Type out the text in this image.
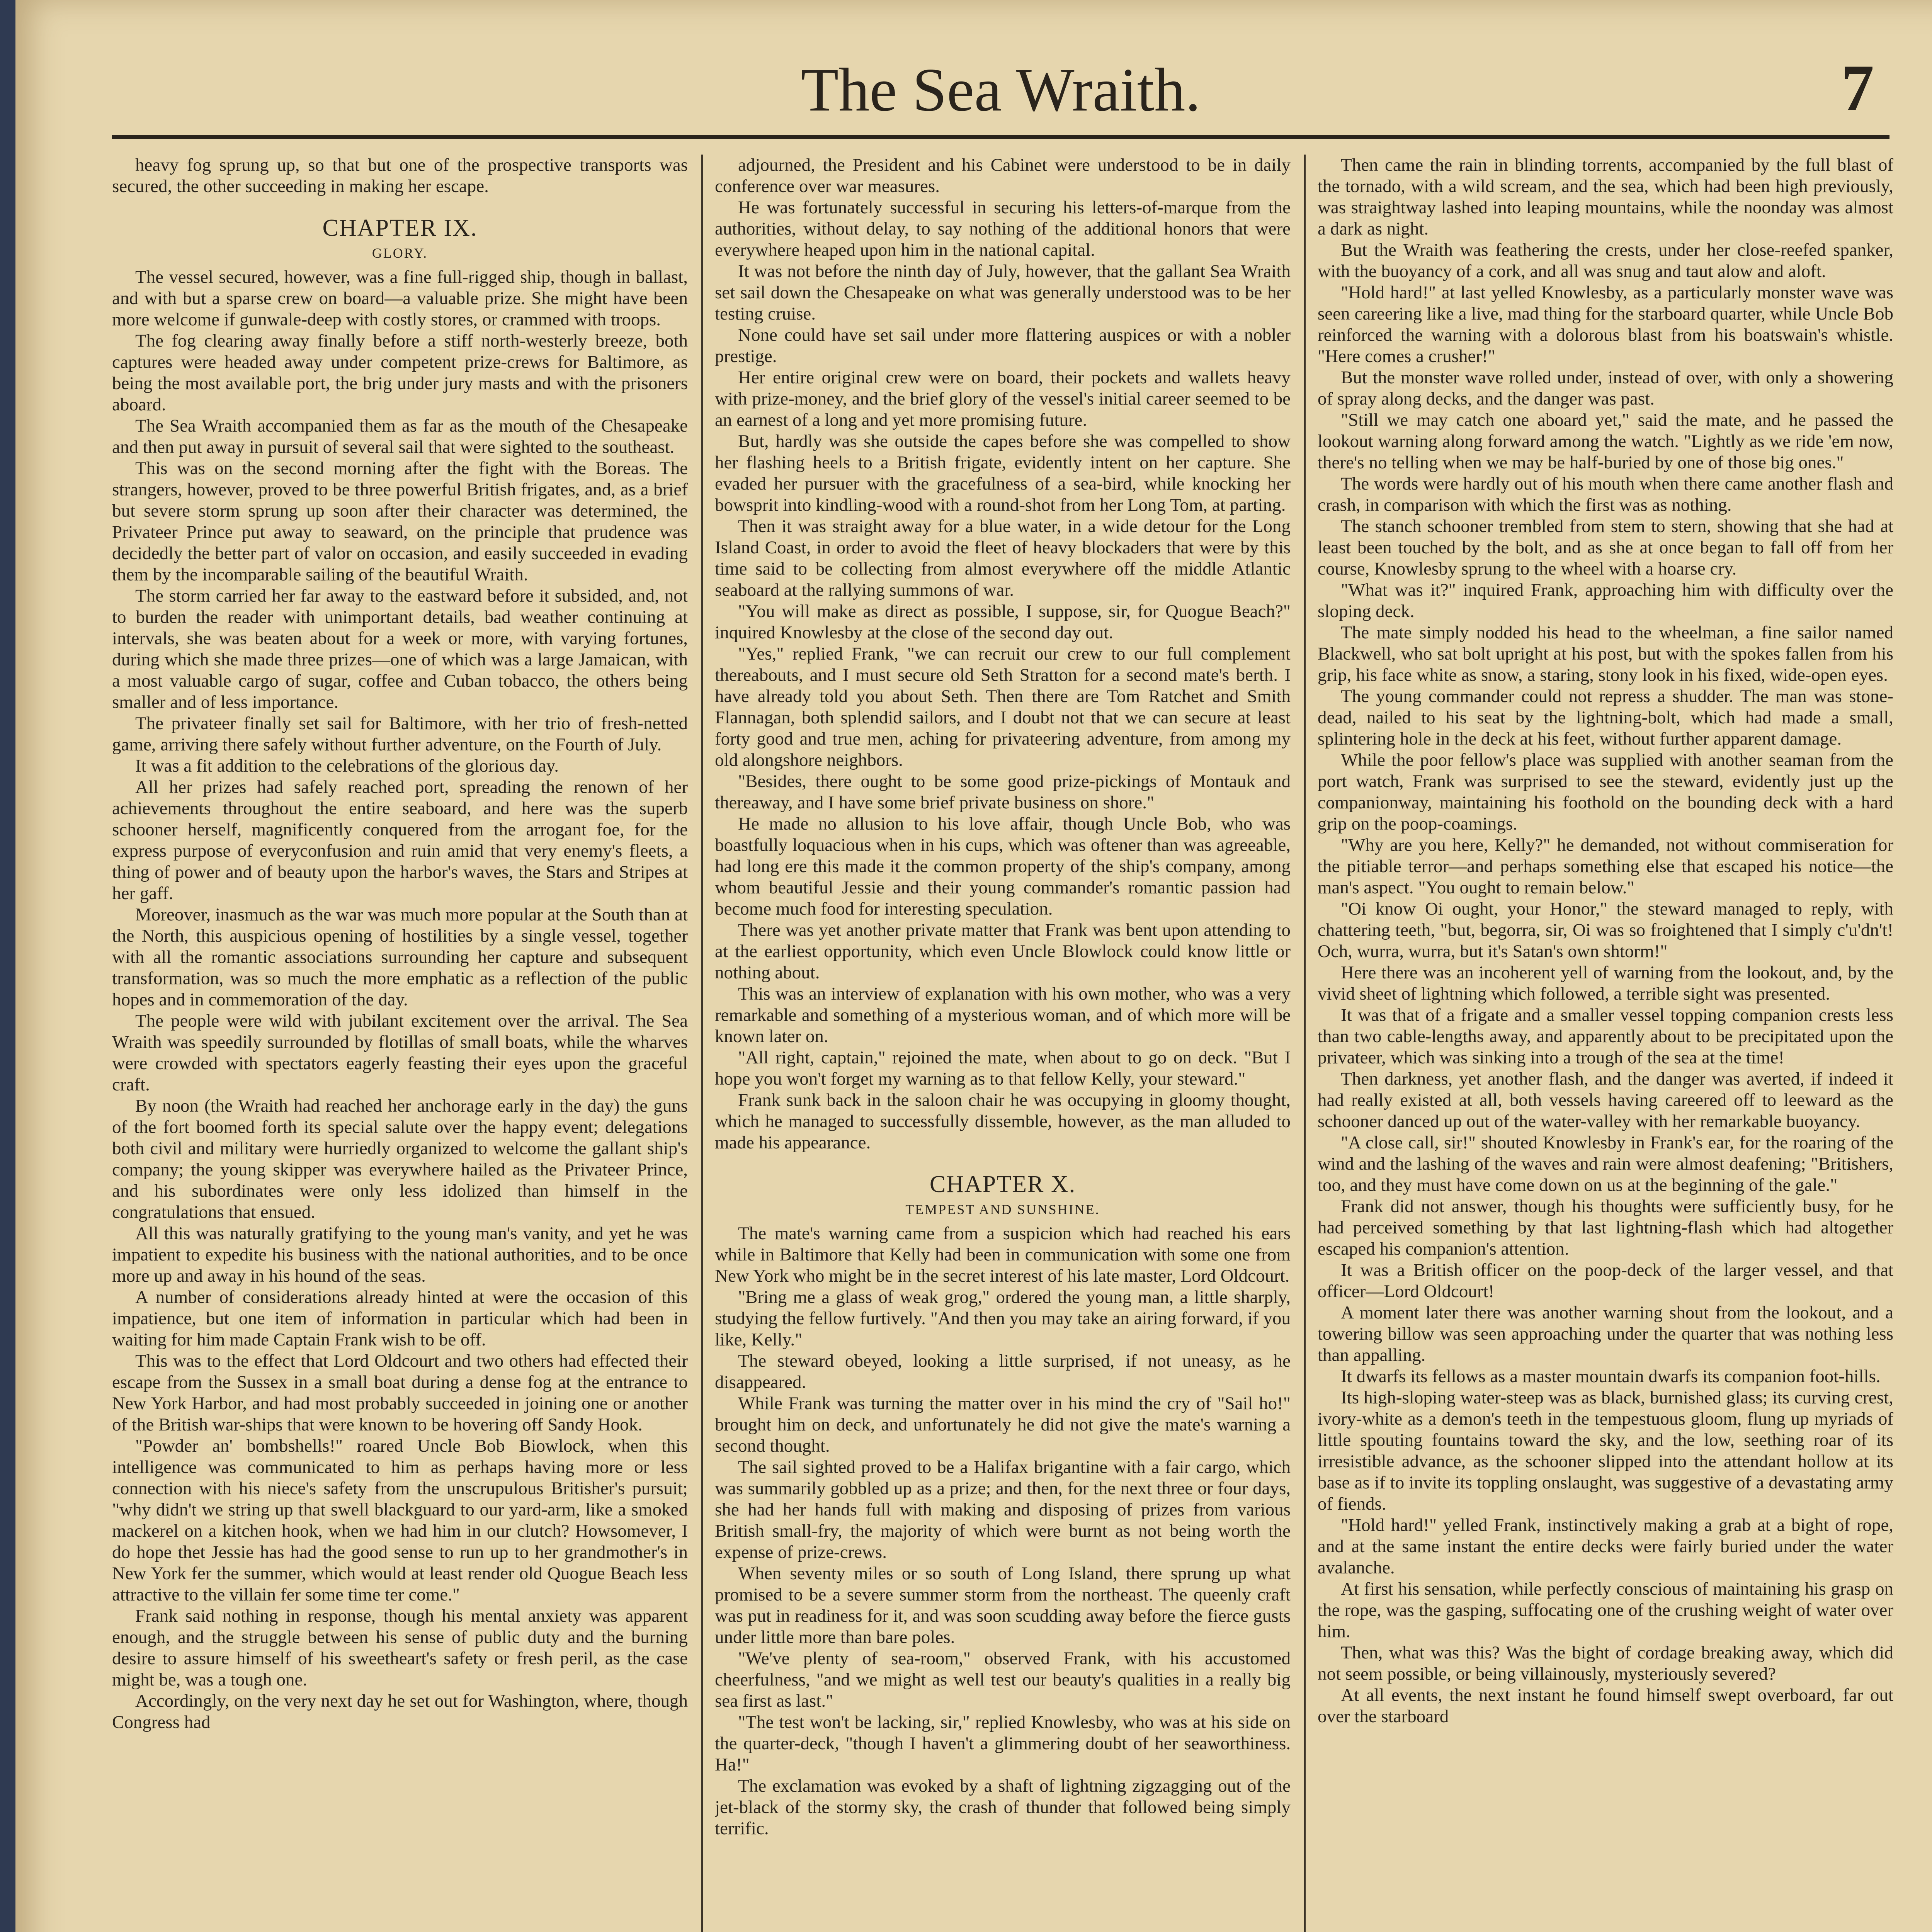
The Sea Wraith.	7

heavy fog sprung up, so that but one of the prospective transports was secured, the other succeeding in making her escape.

CHAPTER IX.
GLORY.

The vessel secured, however, was a fine full-rigged ship, though in ballast, and with but a sparse crew on board—a valuable prize. She might have been more welcome if gunwale-deep with costly stores, or crammed with troops.

The fog clearing away finally before a stiff north-westerly breeze, both captures were headed away under competent prize-crews for Baltimore, as being the most available port, the brig under jury masts and with the prisoners aboard.

The Sea Wraith accompanied them as far as the mouth of the Chesapeake and then put away in pursuit of several sail that were sighted to the southeast.

This was on the second morning after the fight with the Boreas. The strangers, however, proved to be three powerful British frigates, and, as a brief but severe storm sprung up soon after their character was determined, the Privateer Prince put away to seaward, on the principle that prudence was decidedly the better part of valor on occasion, and easily succeeded in evading them by the incomparable sailing of the beautiful Wraith.

The storm carried her far away to the eastward before it subsided, and, not to burden the reader with unimportant details, bad weather continuing at intervals, she was beaten about for a week or more, with varying fortunes, during which she made three prizes—one of which was a large Jamaican, with a most valuable cargo of sugar, coffee and Cuban tobacco, the others being smaller and of less importance.

The privateer finally set sail for Baltimore, with her trio of fresh-netted game, arriving there safely without further adventure, on the Fourth of July.

It was a fit addition to the celebrations of the glorious day.

All her prizes had safely reached port, spreading the renown of her achievements throughout the entire seaboard, and here was the superb schooner herself, magnificently conquered from the arrogant foe, for the express purpose of everyconfusion and ruin amid that very enemy's fleets, a thing of power and of beauty upon the harbor's waves, the Stars and Stripes at her gaff.

Moreover, inasmuch as the war was much more popular at the South than at the North, this auspicious opening of hostilities by a single vessel, together with all the romantic associations surrounding her capture and subsequent transformation, was so much the more emphatic as a reflection of the public hopes and in commemoration of the day.

The people were wild with jubilant excitement over the arrival. The Sea Wraith was speedily surrounded by flotillas of small boats, while the wharves were crowded with spectators eagerly feasting their eyes upon the graceful craft.

By noon (the Wraith had reached her anchorage early in the day) the guns of the fort boomed forth its special salute over the happy event; delegations both civil and military were hurriedly organized to welcome the gallant ship's company; the young skipper was everywhere hailed as the Privateer Prince, and his subordinates were only less idolized than himself in the congratulations that ensued.

All this was naturally gratifying to the young man's vanity, and yet he was impatient to expedite his business with the national authorities, and to be once more up and away in his hound of the seas.

A number of considerations already hinted at were the occasion of this impatience, but one item of information in particular which had been in waiting for him made Captain Frank wish to be off.

This was to the effect that Lord Oldcourt and two others had effected their escape from the Sussex in a small boat during a dense fog at the entrance to New York Harbor, and had most probably succeeded in joining one or another of the British war-ships that were known to be hovering off Sandy Hook.

"Powder an' bombshells!" roared Uncle Bob Biowlock, when this intelligence was communicated to him as perhaps having more or less connection with his niece's safety from the unscrupulous Britisher's pursuit; "why didn't we string up that swell blackguard to our yard-arm, like a smoked mackerel on a kitchen hook, when we had him in our clutch? Howsomever, I do hope thet Jessie has had the good sense to run up to her grandmother's in New York fer the summer, which would at least render old Quogue Beach less attractive to the villain fer some time ter come."

Frank said nothing in response, though his mental anxiety was apparent enough, and the struggle between his sense of public duty and the burning desire to assure himself of his sweetheart's safety or fresh peril, as the case might be, was a tough one.

Accordingly, on the very next day he set out for Washington, where, though Congress had

adjourned, the President and his Cabinet were understood to be in daily conference over war measures.

He was fortunately successful in securing his letters-of-marque from the authorities, without delay, to say nothing of the additional honors that were everywhere heaped upon him in the national capital.

It was not before the ninth day of July, however, that the gallant Sea Wraith set sail down the Chesapeake on what was generally understood was to be her testing cruise.

None could have set sail under more flattering auspices or with a nobler prestige.

Her entire original crew were on board, their pockets and wallets heavy with prize-money, and the brief glory of the vessel's initial career seemed to be an earnest of a long and yet more promising future.

But, hardly was she outside the capes before she was compelled to show her flashing heels to a British frigate, evidently intent on her capture. She evaded her pursuer with the gracefulness of a sea-bird, while knocking her bowsprit into kindling-wood with a round-shot from her Long Tom, at parting.

Then it was straight away for a blue water, in a wide detour for the Long Island Coast, in order to avoid the fleet of heavy blockaders that were by this time said to be collecting from almost everywhere off the middle Atlantic seaboard at the rallying summons of war.

"You will make as direct as possible, I suppose, sir, for Quogue Beach?" inquired Knowlesby at the close of the second day out.

"Yes," replied Frank, "we can recruit our crew to our full complement thereabouts, and I must secure old Seth Stratton for a second mate's berth. I have already told you about Seth. Then there are Tom Ratchet and Smith Flannagan, both splendid sailors, and I doubt not that we can secure at least forty good and true men, aching for privateering adventure, from among my old alongshore neighbors.

"Besides, there ought to be some good prize-pickings of Montauk and thereaway, and I have some brief private business on shore."

He made no allusion to his love affair, though Uncle Bob, who was boastfully loquacious when in his cups, which was oftener than was agreeable, had long ere this made it the common property of the ship's company, among whom beautiful Jessie and their young commander's romantic passion had become much food for interesting speculation.

There was yet another private matter that Frank was bent upon attending to at the earliest opportunity, which even Uncle Blowlock could know little or nothing about.

This was an interview of explanation with his own mother, who was a very remarkable and something of a mysterious woman, and of which more will be known later on.

"All right, captain," rejoined the mate, when about to go on deck. "But I hope you won't forget my warning as to that fellow Kelly, your steward."

Frank sunk back in the saloon chair he was occupying in gloomy thought, which he managed to successfully dissemble, however, as the man alluded to made his appearance.

CHAPTER X.
TEMPEST AND SUNSHINE.

The mate's warning came from a suspicion which had reached his ears while in Baltimore that Kelly had been in communication with some one from New York who might be in the secret interest of his late master, Lord Oldcourt.

"Bring me a glass of weak grog," ordered the young man, a little sharply, studying the fellow furtively. "And then you may take an airing forward, if you like, Kelly."

The steward obeyed, looking a little surprised, if not uneasy, as he disappeared.

While Frank was turning the matter over in his mind the cry of "Sail ho!" brought him on deck, and unfortunately he did not give the mate's warning a second thought.

The sail sighted proved to be a Halifax brigantine with a fair cargo, which was summarily gobbled up as a prize; and then, for the next three or four days, she had her hands full with making and disposing of prizes from various British small-fry, the majority of which were burnt as not being worth the expense of prize-crews.

When seventy miles or so south of Long Island, there sprung up what promised to be a severe summer storm from the northeast. The queenly craft was put in readiness for it, and was soon scudding away before the fierce gusts under little more than bare poles.

"We've plenty of sea-room," observed Frank, with his accustomed cheerfulness, "and we might as well test our beauty's qualities in a really big sea first as last."

"The test won't be lacking, sir," replied Knowlesby, who was at his side on the quarter-deck, "though I haven't a glimmering doubt of her seaworthiness. Ha!"

The exclamation was evoked by a shaft of lightning zigzagging out of the jet-black of the stormy sky, the crash of thunder that followed being simply terrific.

Then came the rain in blinding torrents, accompanied by the full blast of the tornado, with a wild scream, and the sea, which had been high previously, was straightway lashed into leaping mountains, while the noonday was almost a dark as night.

But the Wraith was feathering the crests, under her close-reefed spanker, with the buoyancy of a cork, and all was snug and taut alow and aloft.

"Hold hard!" at last yelled Knowlesby, as a particularly monster wave was seen careering like a live, mad thing for the starboard quarter, while Uncle Bob reinforced the warning with a dolorous blast from his boatswain's whistle. "Here comes a crusher!"

But the monster wave rolled under, instead of over, with only a showering of spray along decks, and the danger was past.

"Still we may catch one aboard yet," said the mate, and he passed the lookout warning along forward among the watch. "Lightly as we ride 'em now, there's no telling when we may be half-buried by one of those big ones."

The words were hardly out of his mouth when there came another flash and crash, in comparison with which the first was as nothing.

The stanch schooner trembled from stem to stern, showing that she had at least been touched by the bolt, and as she at once began to fall off from her course, Knowlesby sprung to the wheel with a hoarse cry.

"What was it?" inquired Frank, approaching him with difficulty over the sloping deck.

The mate simply nodded his head to the wheelman, a fine sailor named Blackwell, who sat bolt upright at his post, but with the spokes fallen from his grip, his face white as snow, a staring, stony look in his fixed, wide-open eyes.

The young commander could not repress a shudder. The man was stone-dead, nailed to his seat by the lightning-bolt, which had made a small, splintering hole in the deck at his feet, without further apparent damage.

While the poor fellow's place was supplied with another seaman from the port watch, Frank was surprised to see the steward, evidently just up the companionway, maintaining his foothold on the bounding deck with a hard grip on the poop-coamings.

"Why are you here, Kelly?" he demanded, not without commiseration for the pitiable terror—and perhaps something else that escaped his notice—the man's aspect. "You ought to remain below."

"Oi know Oi ought, your Honor," the steward managed to reply, with chattering teeth, "but, begorra, sir, Oi was so froightened that I simply c'u'dn't! Och, wurra, wurra, but it's Satan's own shtorm!"

Here there was an incoherent yell of warning from the lookout, and, by the vivid sheet of lightning which followed, a terrible sight was presented.

It was that of a frigate and a smaller vessel topping companion crests less than two cable-lengths away, and apparently about to be precipitated upon the privateer, which was sinking into a trough of the sea at the time!

Then darkness, yet another flash, and the danger was averted, if indeed it had really existed at all, both vessels having careered off to leeward as the schooner danced up out of the water-valley with her remarkable buoyancy.

"A close call, sir!" shouted Knowlesby in Frank's ear, for the roaring of the wind and the lashing of the waves and rain were almost deafening; "Britishers, too, and they must have come down on us at the beginning of the gale."

Frank did not answer, though his thoughts were sufficiently busy, for he had perceived something by that last lightning-flash which had altogether escaped his companion's attention.

It was a British officer on the poop-deck of the larger vessel, and that officer—Lord Oldcourt!

A moment later there was another warning shout from the lookout, and a towering billow was seen approaching under the quarter that was nothing less than appalling.

It dwarfs its fellows as a master mountain dwarfs its companion foot-hills.

Its high-sloping water-steep was as black, burnished glass; its curving crest, ivory-white as a demon's teeth in the tempestuous gloom, flung up myriads of little spouting fountains toward the sky, and the low, seething roar of its irresistible advance, as the schooner slipped into the attendant hollow at its base as if to invite its toppling onslaught, was suggestive of a devastating army of fiends.

"Hold hard!" yelled Frank, instinctively making a grab at a bight of rope, and at the same instant the entire decks were fairly buried under the water avalanche.

At first his sensation, while perfectly conscious of maintaining his grasp on the rope, was the gasping, suffocating one of the crushing weight of water over him.

Then, what was this? Was the bight of cordage breaking away, which did not seem possible, or being villainously, mysteriously severed?

At all events, the next instant he found himself swept overboard, far out over the starboard
